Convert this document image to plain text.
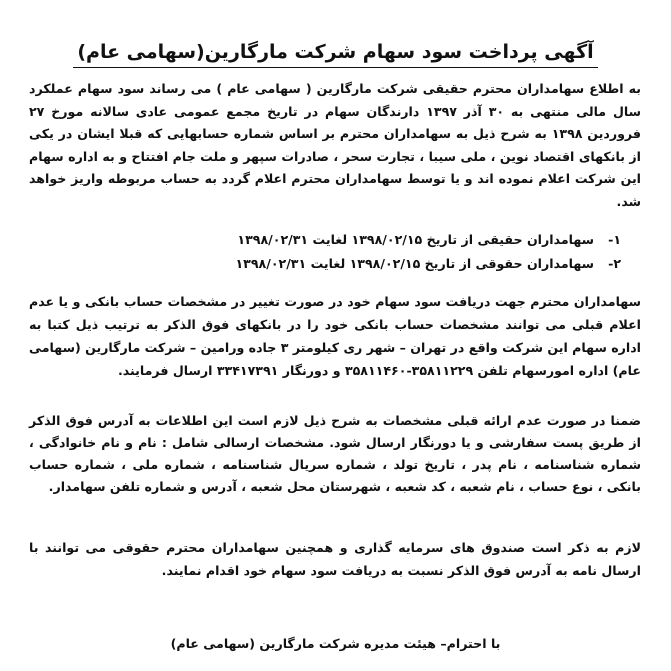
آگهی پرداخت سود سهام شرکت مارگارین(سهامی عام)

به اطلاع سهامداران محترم حقیقی شرکت مارگارین ( سهامی عام ) می رساند سود سهام عملکرد سال مالی منتهی به ۳۰ آذر ۱۳۹۷ دارندگان سهام در تاریخ مجمع عمومی عادی سالانه مورخ ۲۷ فروردین ۱۳۹۸ به شرح ذیل به سهامداران محترم بر اساس شماره حسابهایی که قبلا ایشان در یکی از بانکهای اقتصاد نوین ، ملی سیبا ، تجارت سحر ، صادرات سپهر و ملت جام افتتاح و به اداره سهام این شرکت اعلام نموده اند و یا توسط سهامداران محترم اعلام گردد به حساب مربوطه واریز خواهد شد.

۱-سهامداران حقیقی از تاریخ ۱۳۹۸/۰۲/۱۵ لغایت ۱۳۹۸/۰۲/۳۱
۲-سهامداران حقوقی از تاریخ ۱۳۹۸/۰۲/۱۵ لغایت ۱۳۹۸/۰۲/۳۱

سهامداران محترم جهت دریافت سود سهام خود در صورت تغییر در مشخصات حساب بانکی و یا عدم اعلام قبلی می توانند مشخصات حساب بانکی خود را در بانکهای فوق الذکر به ترتیب ذیل کتبا به اداره سهام این شرکت واقع در تهران – شهر ری کیلومتر ۳ جاده ورامین – شرکت مارگارین (سهامی عام) اداره امورسهام تلفن ۳۵۸۱۱۲۲۹-۳۵۸۱۱۴۶۰ و دورنگار ۳۳۴۱۷۳۹۱ ارسال فرمایند.

ضمنا در صورت عدم ارائه قبلی مشخصات به شرح ذیل لازم است این اطلاعات به آدرس فوق الذکر از طریق پست سفارشی و یا دورنگار ارسال شود. مشخصات ارسالی شامل : نام و نام خانوادگی ، شماره شناسنامه ، نام پدر ، تاریخ تولد ، شماره سریال شناسنامه ، شماره ملی ، شماره حساب بانکی ، نوع حساب ، نام شعبه ، کد شعبه ، شهرستان محل شعبه ، آدرس و شماره تلفن سهامدار.

لازم به ذکر است صندوق های سرمایه گذاری و همچنین سهامداران محترم حقوقی می توانند با ارسال نامه به آدرس فوق الذکر نسبت به دریافت سود سهام خود اقدام نمایند.

با احترام– هیئت مدیره شرکت مارگارین (سهامی عام)
